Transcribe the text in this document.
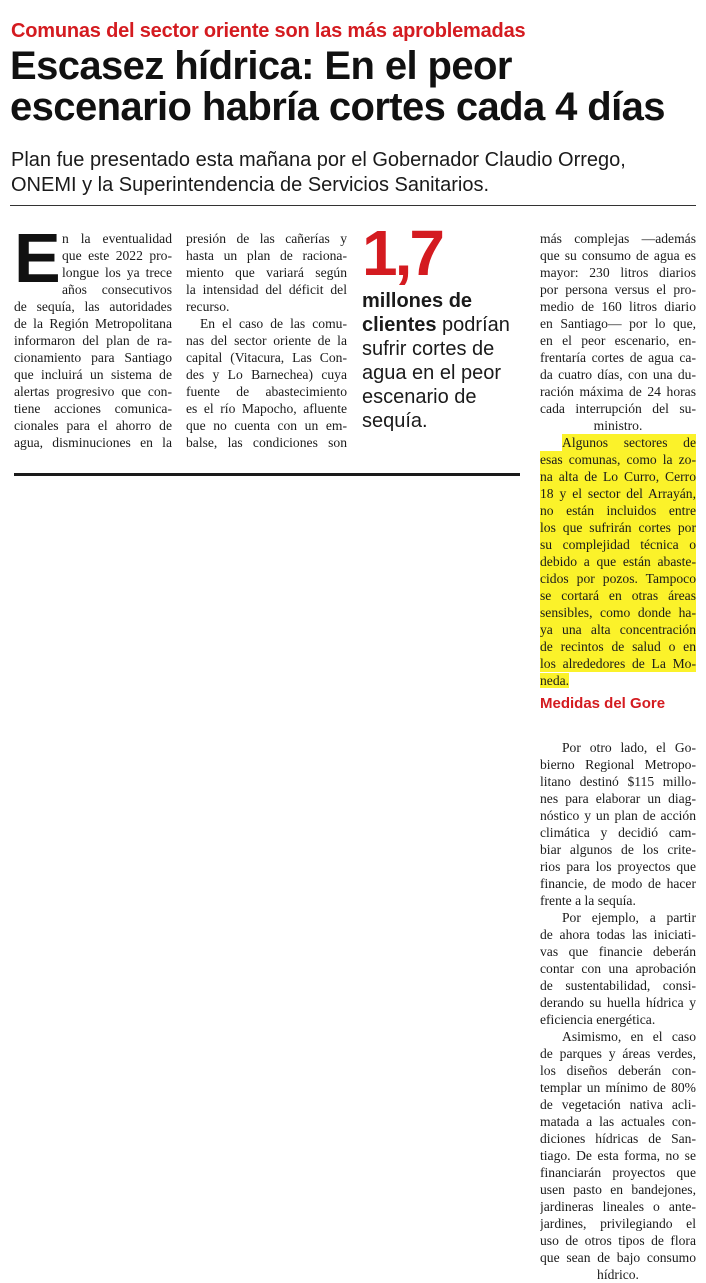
Comunas del sector oriente son las más aproblemadas
Escasez hídrica: En el peor
escenario habría cortes cada 4 días
Plan fue presentado esta mañana por el Gobernador Claudio Orrego,
ONEMI y la Superintendencia de Servicios Sanitarios.
E n la eventualidad

que este 2022 pro-

longue los ya trece

años consecutivos

de sequía, las autoridades

de la Región Metropolitana

informaron del plan de ra-

cionamiento para Santiago

que incluirá un sistema de

alertas progresivo que con-

tiene acciones comunica-

cionales para el ahorro de

agua, disminuciones en la

presión de las cañerías y

hasta un plan de raciona-

miento que variará según

la intensidad del déficit del

recurso.

En el caso de las comu-

nas del sector oriente de la

capital (Vitacura, Las Con-

des y Lo Barnechea) cuya

fuente de abastecimiento

es el río Mapocho, afluente

que no cuenta con un em-

balse, las condiciones son

1,7
millones de
clientes podrían
sufrir cortes de
agua en el peor
escenario de
sequía.

más complejas —además

que su consumo de agua es

mayor: 230 litros diarios

por persona versus el pro-

medio de 160 litros diario

en Santiago— por lo que,

en el peor escenario, en-

frentaría cortes de agua ca-

da cuatro días, con una du-

ración máxima de 24 horas

cada interrupción del su-

ministro.

Algunos sectores de

esas comunas, como la zo-

na alta de Lo Curro, Cerro

18 y el sector del Arrayán,

no están incluidos entre

los que sufrirán cortes por

su complejidad técnica o

debido a que están abaste-

cidos por pozos. Tampoco

se cortará en otras áreas

sensibles, como donde ha-

ya una alta concentración

de recintos de salud o en

los alrededores de La Mo-

neda.

Medidas del Gore

Por otro lado, el Go-

bierno Regional Metropo-

litano destinó $115 millo-

nes para elaborar un diag-

nóstico y un plan de acción

climática y decidió cam-

biar algunos de los crite-

rios para los proyectos que

financie, de modo de hacer

frente a la sequía.

Por ejemplo, a partir

de ahora todas las iniciati-

vas que financie deberán

contar con una aprobación

de sustentabilidad, consi-

derando su huella hídrica y

eficiencia energética.

Asimismo, en el caso

de parques y áreas verdes,

los diseños deberán con-

templar un mínimo de 80%

de vegetación nativa acli-

matada a las actuales con-

diciones hídricas de San-

tiago. De esta forma, no se

financiarán proyectos que

usen pasto en bandejones,

jardineras lineales o ante-

jardines, privilegiando el

uso de otros tipos de flora

que sean de bajo consumo

hídrico.
